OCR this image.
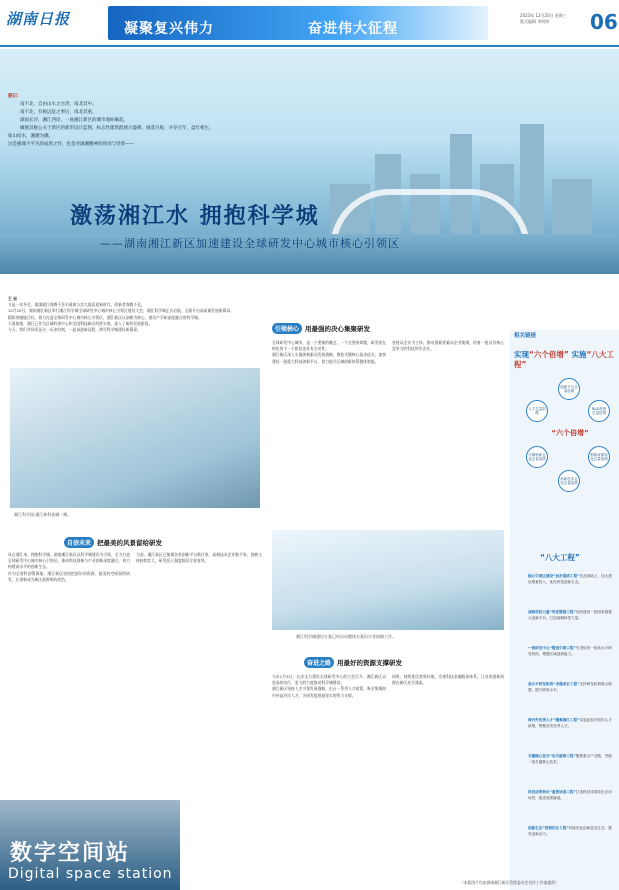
湖南日报
凝聚复兴伟力	奋进伟大征程
2023年 12月20日 星期三
版式编辑 李明明	06
题记：
南不北，自由山水之台湾，南北其中。
南不北，有候远征之事后，南北其重。
湖南长沙，湘江西岸，一座湘江新区的城市地标崛起。
碾展其极公关于新区的新形设计蓝图，标志性建筑群展示盛峰，缓落百般，并存百年，盘年相生。
如山结水，湘潮为潮。
这是极端不平凡的成果之作，也是对湖湘精神的致词与崇仰——
激荡湘江水 拥抱科学城
——湖南湘江新区加速建设全球研发中心城市核心引领区
全球研发中心·湘江新区
王 岩
又是一年冬至，滚滚湘江奔腾不息早逝威与美大地喜迎新时代，创新者奔腾不息。
12月20日，湖南湘江新区举行湘江科学城全球研发中心城市核心引领区建设大会，湘江科学城正式启航，全面开启高质量发展新篇章。
精彩的赋能目标，着力打造全球研发中心城市核心引领区，湘江新区以创新为核心，建设产学研深度融合的科学城。
天道如歌，湘江已作为区域科创中心和全国科技新区的桥头堡，进入了新的发展阶段。
今天，我们共同见证这一历史时刻，一起奋进新征程，谱写科学城建设新篇章。
湘江科学园·湘江新科技城一期。
自信未来 把最美的风景留给研发
风自湘江来，拥抱科学城。湖南湘江新区以科学城建设为引领，全力打造全球研发中心城市核心引领区，推动科技创新与产业创新深度融合，着力构建高水平的创新生态。
作为全省科创策源地，湘江新区坚持把最好的资源、最美的空间留给研发，让创新成为新区最鲜明的底色。
当前，湘江新区已集聚各类创新平台数百家，高新技术企业数千家，创新主体持续壮大，研发投入强度稳居全省前列。
数字空间站
Digital space station
引领核心 用最强的决心集聚研发
全球研发中心城市，是一个要塞的概念，一个全要的命题，研发则在转化的下一个阶段更具有主动性。
湘江新区深入实施创新驱动发展战略，聚焦关键核心技术攻关，加快建设一批重大科技创新平台，着力提升区域创新体系整体效能。
坚持以企业为主体，推动创新要素向企业集聚，培育一批具有核心竞争力的科技领军企业。
湘江科学城建设方案已经启动整体方案设计等前期工作。
奋进之路 用最好的资源支撑研发
今年1月5日，长沙全力建设全球研发中心的大会召开，湘江新区以更高的站位、更大的力度推动科学城建设。
湘江新区坚持人才引领发展战略，出台一系列人才政策，吸引集聚海内外高层次人才，为研发提供最坚实的智力支撑。
同时，持续优化营商环境，完善科技金融服务体系，让各类创新资源在新区充分涌流。
相关链接
实现“六个倍增” 实施“八大工程”
创新平台总量倍增
R&D投资总量倍增
科研成果转化总量倍增
高新技术企业总量倍增
专精特新企业总量倍增
人才总量倍增
“六个倍增”
“八大工程”
核心引领区建设“起步提质工程”在此基础上，加大建设要素投入，优化科技创新生态。
战略科技力量“培优锻强工程”加快建设一批国家级重大创新平台，打造战略科技力量。
一流研发中心“锻造引领工程”引进培育一批高水平研发机构，增强区域创新能力。
高水平研发机构“卓越成长工程”支持研发机构做大做强，提升研发水平。
海内外优秀人才“聚集湘江工程”实施更加开放的人才政策，集聚各类优秀人才。
关键核心技术“攻关破难工程”聚焦重点产业链，突破一批关键核心技术。
科技成果转化“重要场景工程”打造科技成果转化应用场景，促进成果落地。
创新生态“营商优化工程”持续优化创新创业生态，激发创新活力。
（本版图片均由湖南湘江新区管理委员会宣传工作部提供）
